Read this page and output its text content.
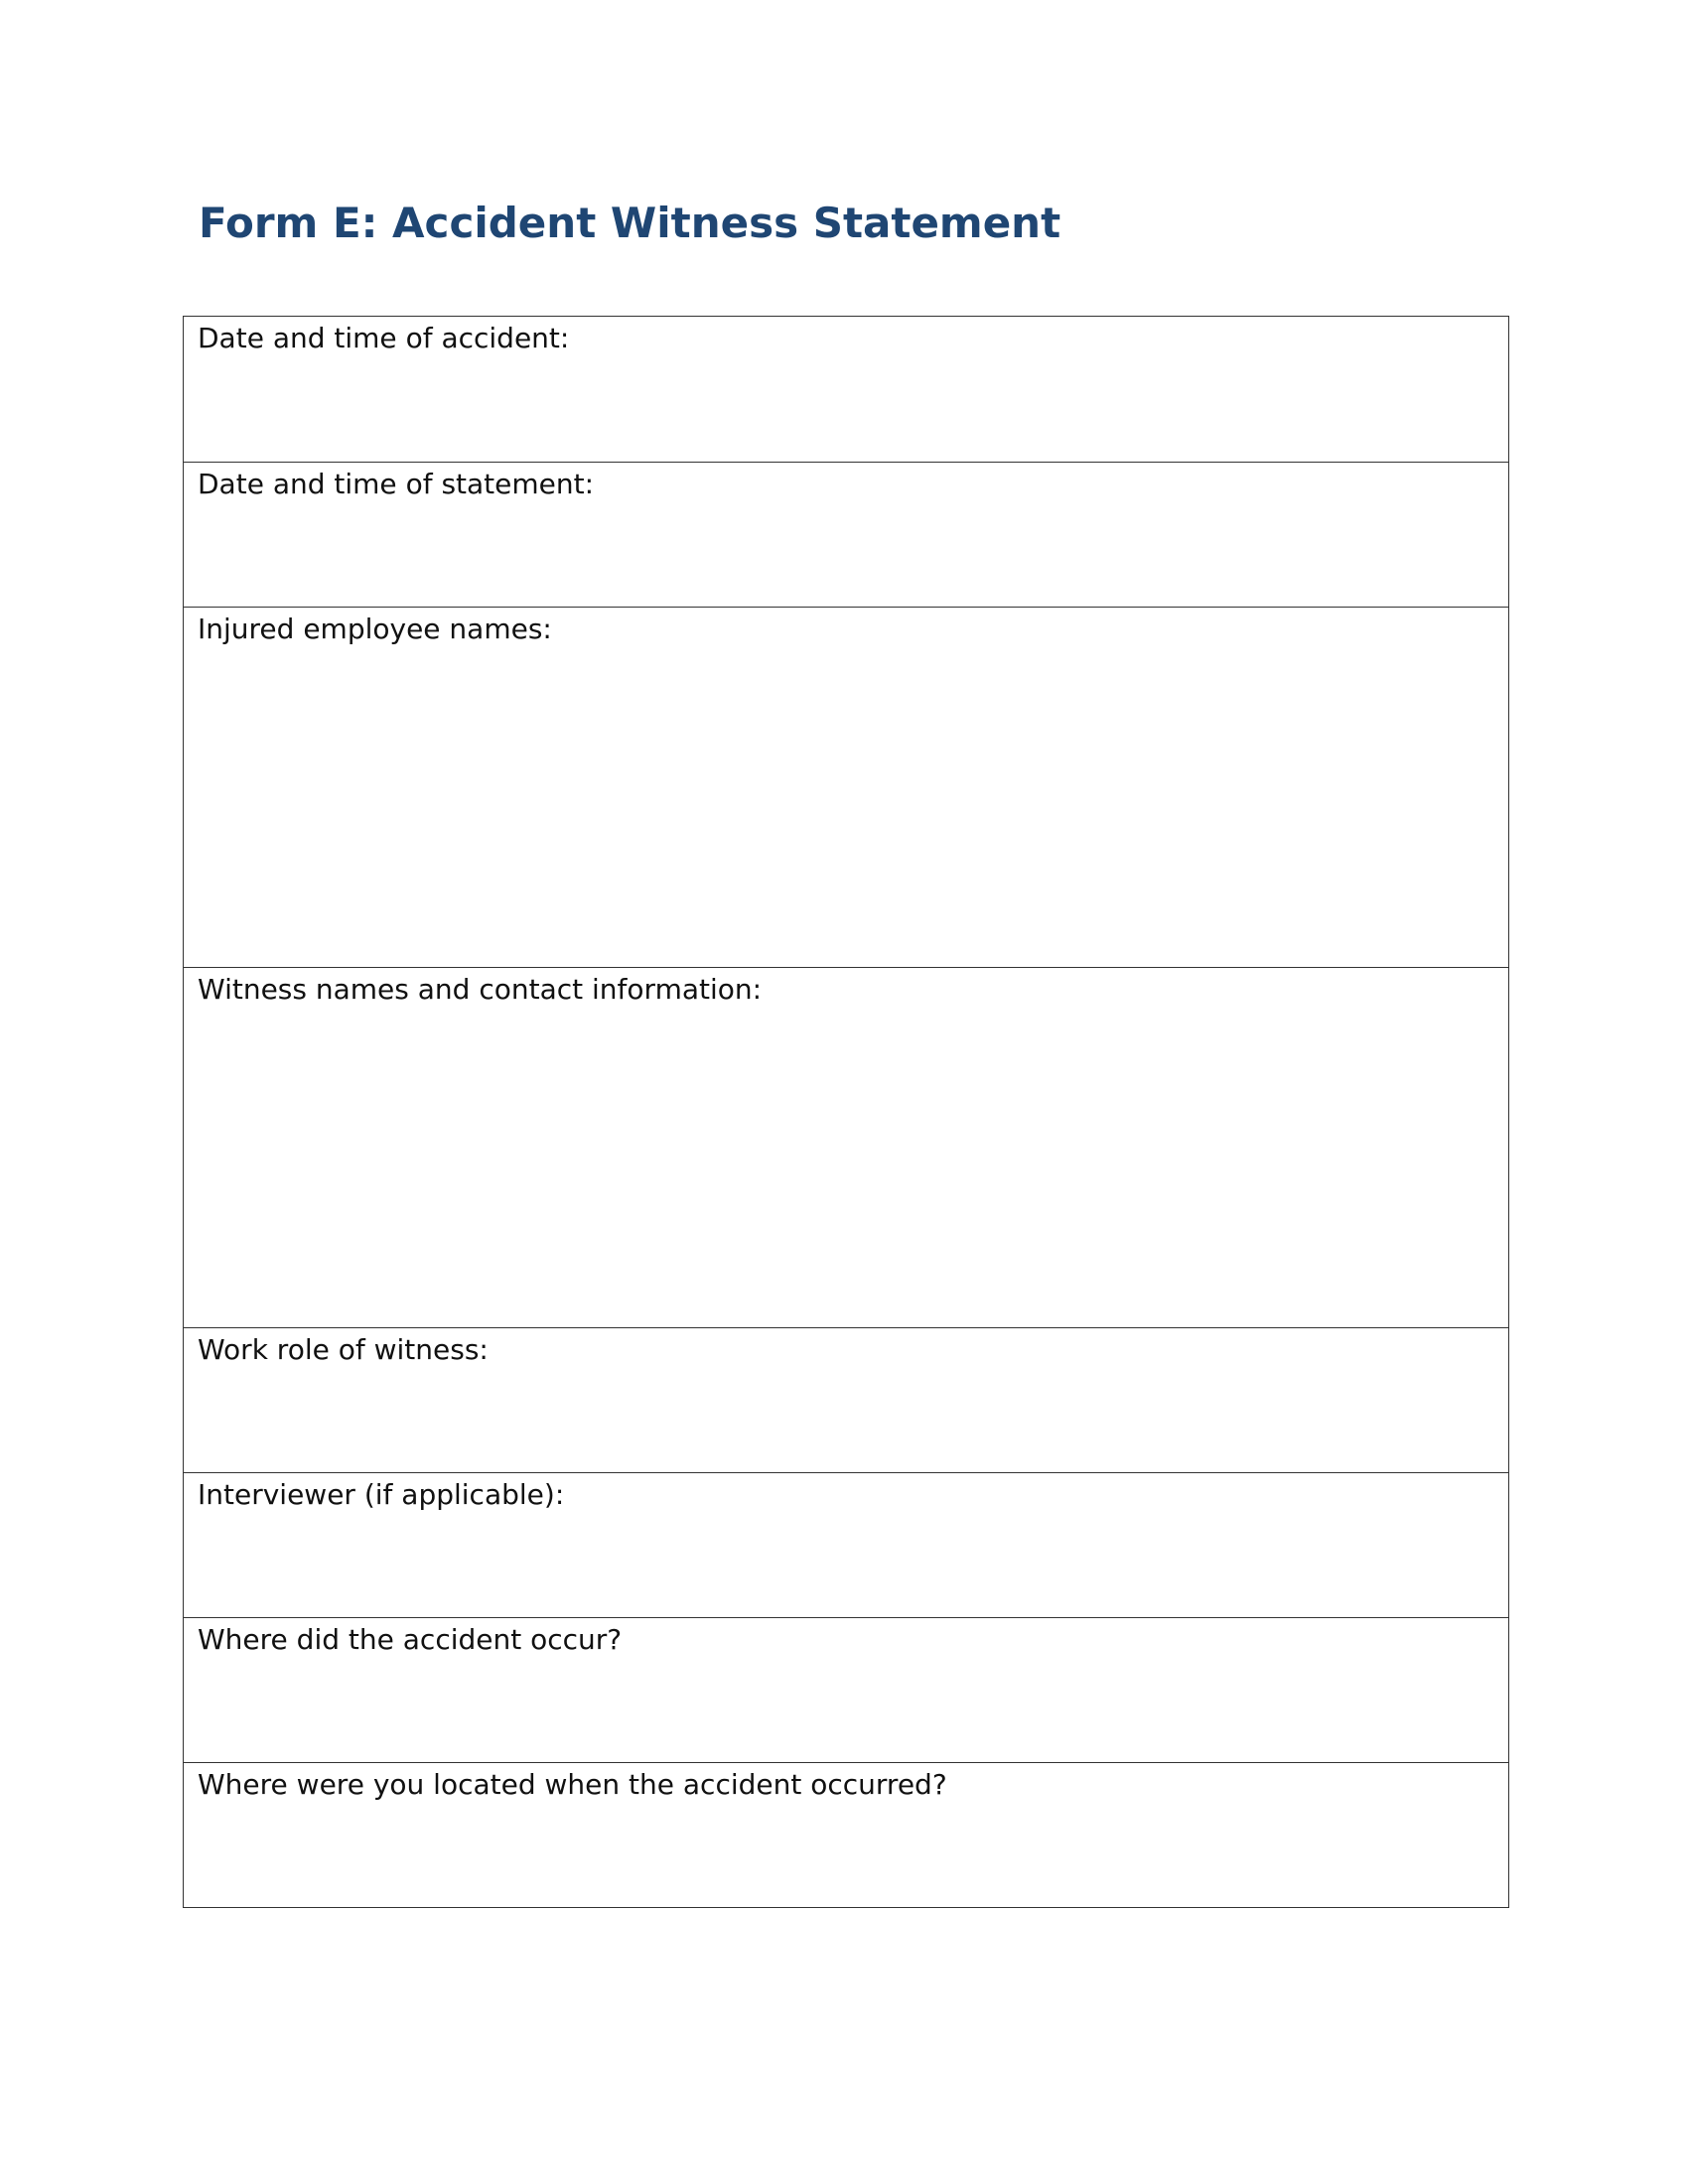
Form E: Accident Witness Statement
Date and time of accident:
Date and time of statement:
Injured employee names:
Witness names and contact information:
Work role of witness:
Interviewer (if applicable):
Where did the accident occur?
Where were you located when the accident occurred?
